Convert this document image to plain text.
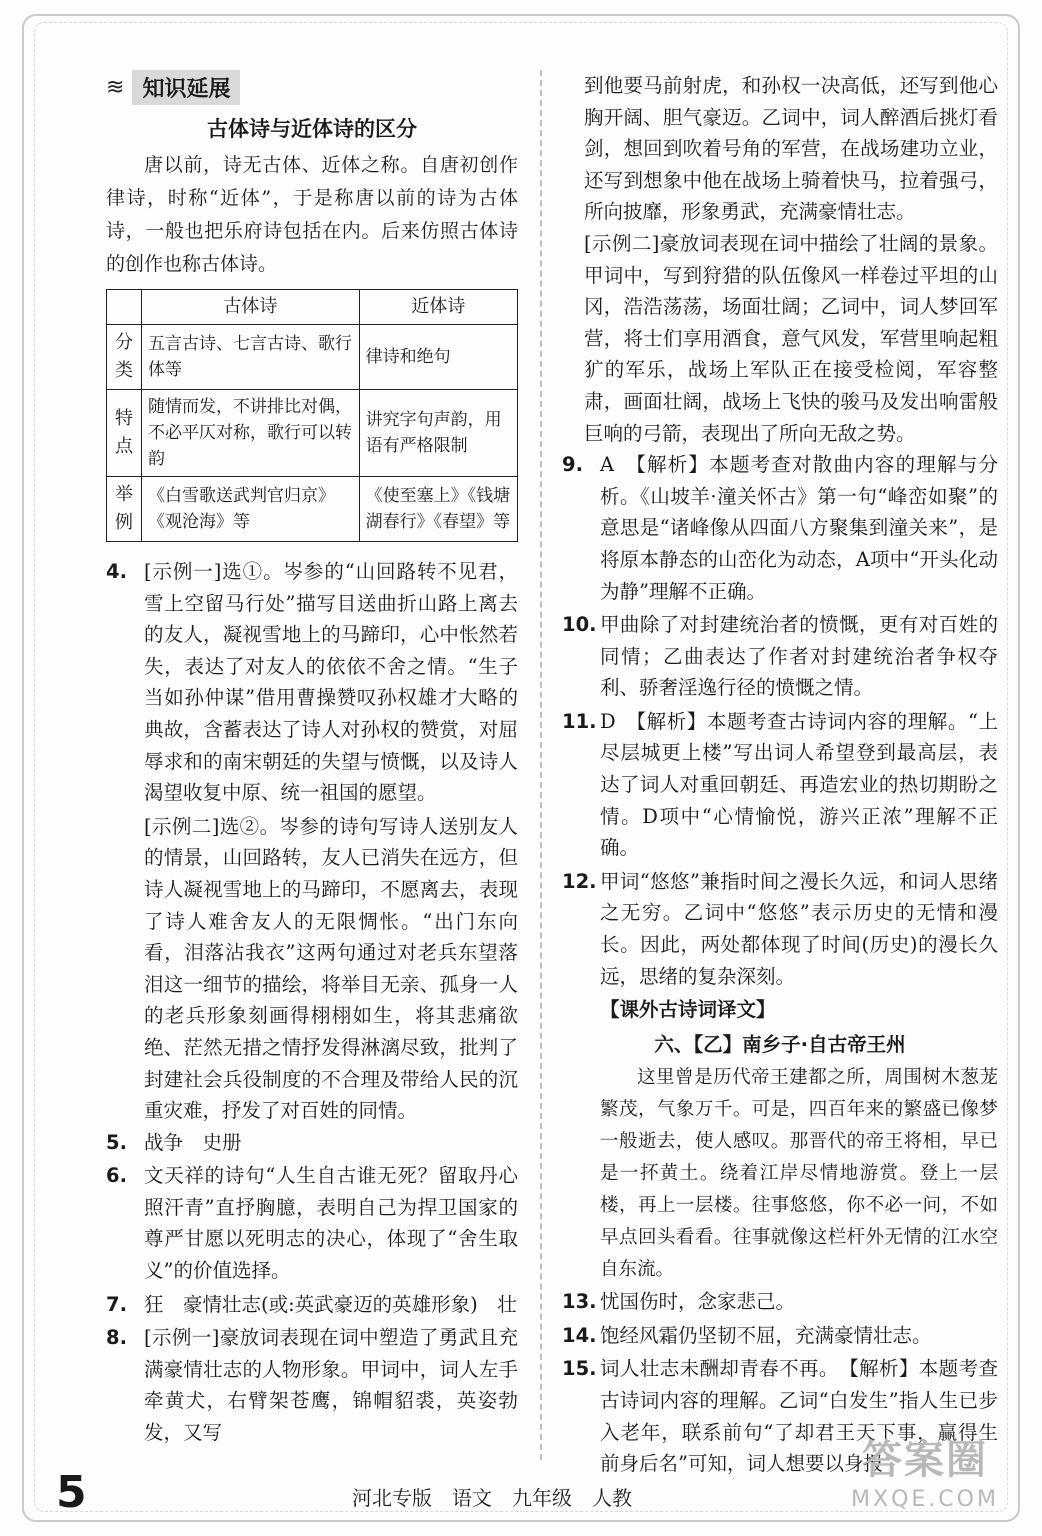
≋ 知识延展
古体诗与近体诗的区分
唐以前，诗无古体、近体之称。自唐初创作律诗，时称“近体”，于是称唐以前的诗为古体诗，一般也把乐府诗包括在内。后来仿照古体诗的创作也称古体诗。
	古体诗	近体诗
分类	五言古诗、七言古诗、歌行体等	律诗和绝句
特点	随情而发，不讲排比对偶，不必平仄对称，歌行可以转韵	讲究字句声韵，用语有严格限制
举例	《白雪歌送武判官归京》《观沧海》等	《使至塞上》《钱塘湖春行》《春望》等
4. [示例一]选①。岑参的“山回路转不见君，雪上空留马行处”描写目送曲折山路上离去的友人，凝视雪地上的马蹄印，心中怅然若失，表达了对友人的依依不舍之情。“生子当如孙仲谋”借用曹操赞叹孙权雄才大略的典故，含蓄表达了诗人对孙权的赞赏，对屈辱求和的南宋朝廷的失望与愤慨，以及诗人渴望收复中原、统一祖国的愿望。
[示例二]选②。岑参的诗句写诗人送别友人的情景，山回路转，友人已消失在远方，但诗人凝视雪地上的马蹄印，不愿离去，表现了诗人难舍友人的无限惆怅。“出门东向看，泪落沾我衣”这两句通过对老兵东望落泪这一细节的描绘，将举目无亲、孤身一人的老兵形象刻画得栩栩如生，将其悲痛欲绝、茫然无措之情抒发得淋漓尽致，批判了封建社会兵役制度的不合理及带给人民的沉重灾难，抒发了对百姓的同情。
5. 战争　史册
6. 文天祥的诗句“人生自古谁无死？留取丹心照汗青”直抒胸臆，表明自己为捍卫国家的尊严甘愿以死明志的决心，体现了“舍生取义”的价值选择。
7. 狂　豪情壮志(或:英武豪迈的英雄形象)　壮
8. [示例一]豪放词表现在词中塑造了勇武且充满豪情壮志的人物形象。甲词中，词人左手牵黄犬，右臂架苍鹰，锦帽貂裘，英姿勃发，又写
到他要马前射虎，和孙权一决高低，还写到他心胸开阔、胆气豪迈。乙词中，词人醉酒后挑灯看剑，想回到吹着号角的军营，在战场建功立业，还写到想象中他在战场上骑着快马，拉着强弓，所向披靡，形象勇武，充满豪情壮志。
[示例二]豪放词表现在词中描绘了壮阔的景象。甲词中，写到狩猎的队伍像风一样卷过平坦的山冈，浩浩荡荡，场面壮阔；乙词中，词人梦回军营，将士们享用酒食，意气风发，军营里响起粗犷的军乐，战场上军队正在接受检阅，军容整肃，画面壮阔，战场上飞快的骏马及发出响雷般巨响的弓箭，表现出了所向无敌之势。
9. A　【解析】本题考查对散曲内容的理解与分析。《山坡羊·潼关怀古》第一句“峰峦如聚”的意思是“诸峰像从四面八方聚集到潼关来”，是将原本静态的山峦化为动态，A项中“开头化动为静”理解不正确。
10. 甲曲除了对封建统治者的愤慨，更有对百姓的同情；乙曲表达了作者对封建统治者争权夺利、骄奢淫逸行径的愤慨之情。
11. D　【解析】本题考查古诗词内容的理解。“上尽层城更上楼”写出词人希望登到最高层，表达了词人对重回朝廷、再造宏业的热切期盼之情。D项中“心情愉悦，游兴正浓”理解不正确。
12. 甲词“悠悠”兼指时间之漫长久远，和词人思绪之无穷。乙词中“悠悠”表示历史的无情和漫长。因此，两处都体现了时间(历史)的漫长久远，思绪的复杂深刻。
【课外古诗词译文】
六、【乙】南乡子·自古帝王州
这里曾是历代帝王建都之所，周围树木葱茏繁茂，气象万千。可是，四百年来的繁盛已像梦一般逝去，使人感叹。那晋代的帝王将相，早已是一抔黄土。绕着江岸尽情地游赏。登上一层楼，再上一层楼。往事悠悠，你不必一问，不如早点回头看看。往事就像这栏杆外无情的江水空自东流。
13. 忧国伤时，念家悲己。
14. 饱经风霜仍坚韧不屈，充满豪情壮志。
15. 词人壮志未酬却青春不再。　【解析】本题考查古诗词内容的理解。乙词“白发生”指人生已步入老年，联系前句“了却君王天下事，赢得生前身后名”可知，词人想要以身报
5	河北专版　语文　九年级　人教
答案圈
MXQE.COM
